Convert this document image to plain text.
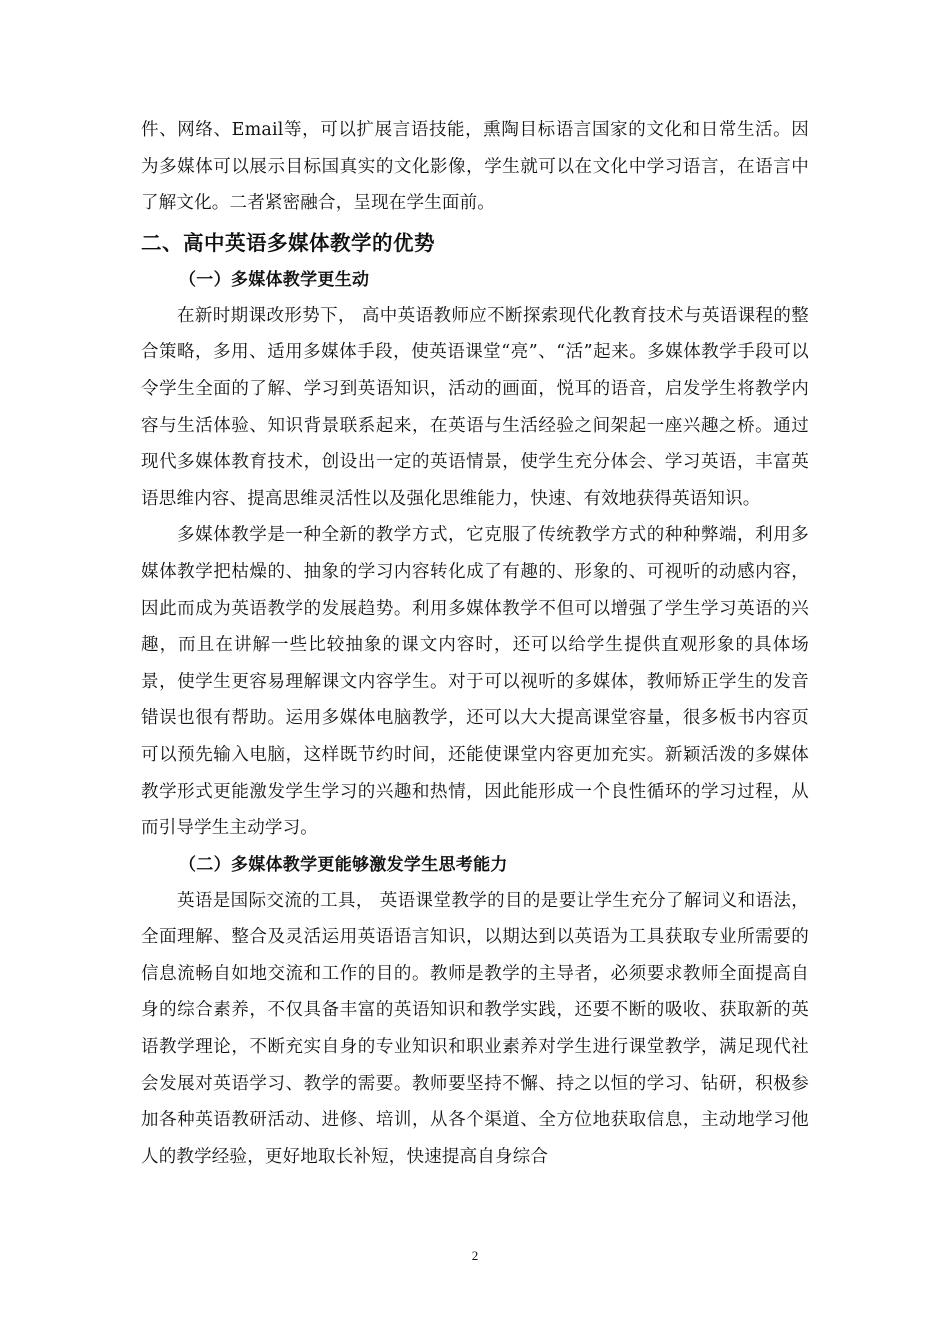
件、网络、Email等，可以扩展言语技能，熏陶目标语言国家的文化和日常生活。因为多媒体可以展示目标国真实的文化影像，学生就可以在文化中学习语言，在语言中了解文化。二者紧密融合，呈现在学生面前。

二、高中英语多媒体教学的优势
（一）多媒体教学更生动

在新时期课改形势下， 高中英语教师应不断探索现代化教育技术与英语课程的整合策略，多用、适用多媒体手段，使英语课堂“亮”、“活”起来。多媒体教学手段可以令学生全面的了解、学习到英语知识，活动的画面，悦耳的语音，启发学生将教学内容与生活体验、知识背景联系起来，在英语与生活经验之间架起一座兴趣之桥。通过现代多媒体教育技术，创设出一定的英语情景，使学生充分体会、学习英语，丰富英语思维内容、提高思维灵活性以及强化思维能力，快速、有效地获得英语知识。

多媒体教学是一种全新的教学方式，它克服了传统教学方式的种种弊端，利用多媒体教学把枯燥的、抽象的学习内容转化成了有趣的、形象的、可视听的动感内容，因此而成为英语教学的发展趋势。利用多媒体教学不但可以增强了学生学习英语的兴趣，而且在讲解一些比较抽象的课文内容时，还可以给学生提供直观形象的具体场景，使学生更容易理解课文内容学生。对于可以视听的多媒体，教师矫正学生的发音错误也很有帮助。运用多媒体电脑教学，还可以大大提高课堂容量，很多板书内容页可以预先输入电脑，这样既节约时间，还能使课堂内容更加充实。新颖活泼的多媒体教学形式更能激发学生学习的兴趣和热情，因此能形成一个良性循环的学习过程，从而引导学生主动学习。

（二）多媒体教学更能够激发学生思考能力

英语是国际交流的工具， 英语课堂教学的目的是要让学生充分了解词义和语法，全面理解、整合及灵活运用英语语言知识，以期达到以英语为工具获取专业所需要的信息流畅自如地交流和工作的目的。教师是教学的主导者，必须要求教师全面提高自身的综合素养，不仅具备丰富的英语知识和教学实践，还要不断的吸收、获取新的英语教学理论，不断充实自身的专业知识和职业素养对学生进行课堂教学，满足现代社会发展对英语学习、教学的需要。教师要坚持不懈、持之以恒的学习、钻研，积极参加各种英语教研活动、进修、培训，从各个渠道、全方位地获取信息，主动地学习他人的教学经验，更好地取长补短，快速提高自身综合

2
